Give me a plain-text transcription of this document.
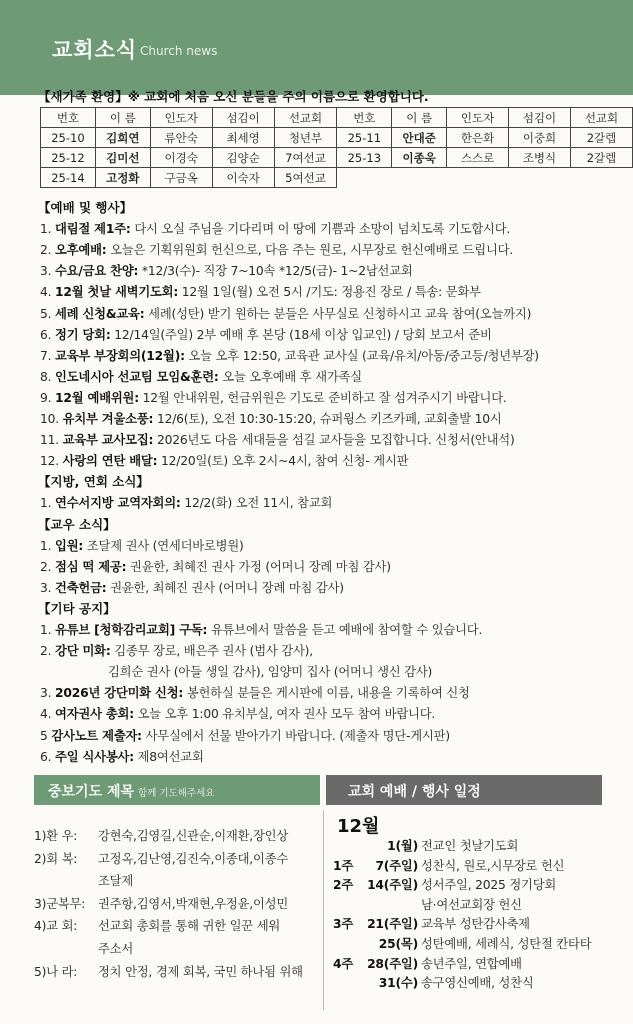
교회소식 Church news
【새가족 환영】※ 교회에 처음 오신 분들을 주의 이름으로 환영합니다.
번호	이 름	인도자	섬김이	선교회	번호	이 름	인도자	섬김이	선교회
25-10	김희연	류안숙	최세영	청년부	25-11	안대준	한은화	이중희	2갈렙
25-12	김미선	이경숙	김양순	7여선교	25-13	이종욱	스스로	조병식	2갈렙
25-14	고정화	구금옥	이숙자	5여선교					
【예배 및 행사】
1. 대림절 제1주: 다시 오실 주님을 기다리며 이 땅에 기쁨과 소망이 넘치도록 기도합시다.
2. 오후예배: 오늘은 기획위원회 헌신으로, 다음 주는 원로, 시무장로 헌신예배로 드립니다.
3. 수요/금요 찬양: *12/3(수)- 직장 7~10속 *12/5(금)- 1~2남선교회
4. 12월 첫날 새벽기도회: 12월 1일(월) 오전 5시 /기도: 정용진 장로 / 특송: 문화부
5. 세례 신청&교육: 세례(성탄) 받기 원하는 분들은 사무실로 신청하시고 교육 참여(오늘까지)
6. 정기 당회: 12/14일(주일) 2부 예배 후 본당 (18세 이상 입교인) / 당회 보고서 준비
7. 교육부 부장회의(12월): 오늘 오후 12:50, 교육관 교사실 (교육/유치/아동/중고등/청년부장)
8. 인도네시아 선교팀 모임&훈련: 오늘 오후예배 후 새가족실
9. 12월 예배위원: 12월 안내위원, 헌금위원은 기도로 준비하고 잘 섬겨주시기 바랍니다.
10. 유치부 겨울소풍: 12/6(토), 오전 10:30-15:20, 슈퍼윙스 키즈카페, 교회출발 10시
11. 교육부 교사모집: 2026년도 다음 세대들을 섬길 교사들을 모집합니다. 신청서(안내석)
12. 사랑의 연탄 배달: 12/20일(토) 오후 2시~4시, 참여 신청- 게시판
【지방, 연회 소식】
1. 연수서지방 교역자회의: 12/2(화) 오전 11시, 참교회
【교우 소식】
1. 입원: 조달제 권사 (연세더바로병원)
2. 점심 떡 제공: 권윤한, 최혜진 권사 가정 (어머니 장례 마침 감사)
3. 건축헌금: 권윤한, 최혜진 권사 (어머니 장례 마침 감사)
【기타 공지】
1. 유튜브 [청학감리교회] 구독: 유튜브에서 말씀을 듣고 예배에 참여할 수 있습니다.
2. 강단 미화: 김종무 장로, 배은주 권사 (범사 감사),
김희순 권사 (아들 생일 감사), 임양미 집사 (어머니 생신 감사)
3. 2026년 강단미화 신청: 봉헌하실 분들은 게시판에 이름, 내용을 기록하여 신청
4. 여자권사 총회: 오늘 오후 1:00 유치부실, 여자 권사 모두 참여 바랍니다.
5 감사노트 제출자: 사무실에서 선물 받아가기 바랍니다. (제출자 명단-게시판)
6. 주일 식사봉사: 제8여선교회
중보기도 제목 함께 기도해주세요	교회 예배 / 행사 일정
1)환 우: 강현숙,김영길,신관순,이재환,장인상
2)회 복: 고정옥,김난영,김진숙,이종대,이종수
조달제
3)군복무: 권주항,김영서,박재현,우정윤,이성민
4)교 회: 선교회 총회를 통해 귀한 일꾼 세워
주소서
5)나 라: 정치 안정, 경제 회복, 국민 하나됨 위해
12월
1(월) 전교인 첫날기도회
1주	7(주일) 성찬식, 원로,시무장로 헌신
2주	14(주일) 성서주일, 2025 정기당회
남·여선교회장 헌신
3주	21(주일) 교육부 성탄감사축제
25(목) 성탄예배, 세례식, 성탄절 칸타타
4주	28(주일) 송년주일, 연합예배
31(수) 송구영신예배, 성찬식
